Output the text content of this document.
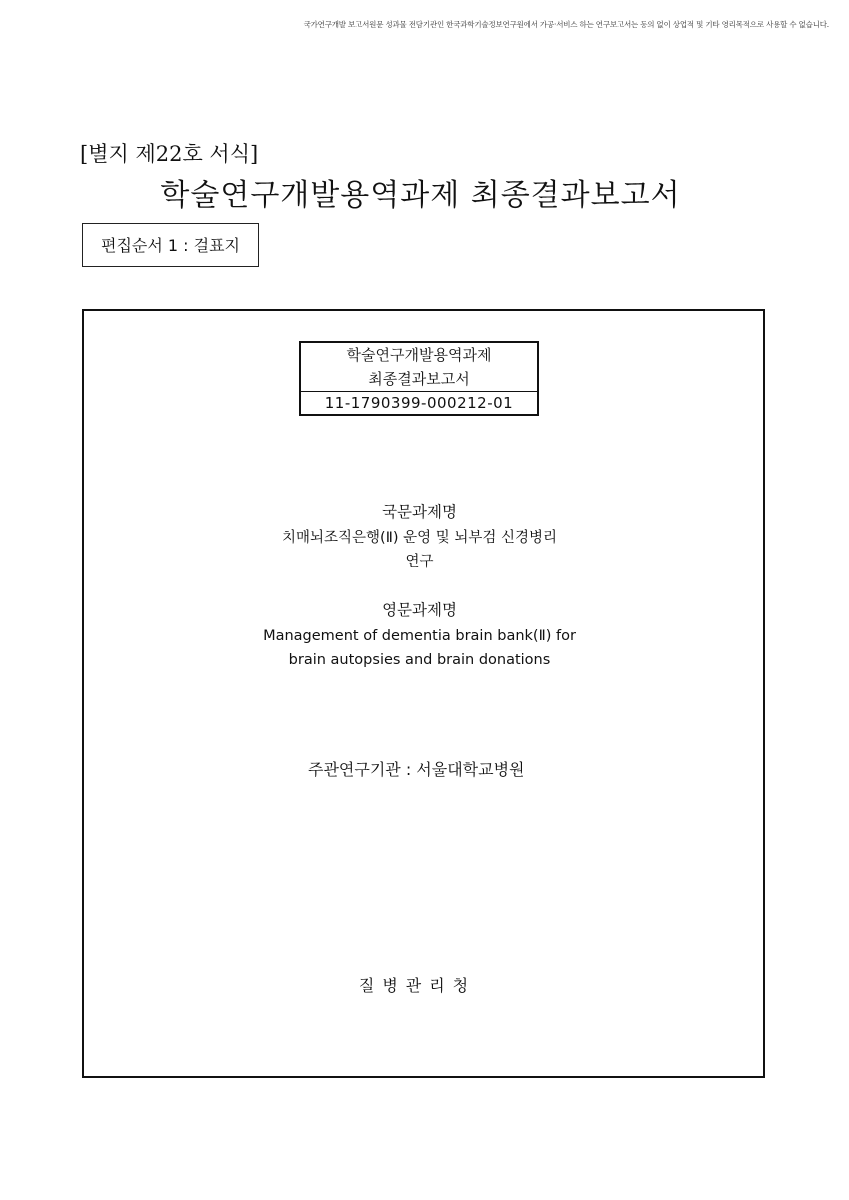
국가연구개발 보고서원문 성과물 전담기관인 한국과학기술정보연구원에서 가공·서비스 하는 연구보고서는 동의 없이 상업적 및 기타 영리목적으로 사용할 수 없습니다.
[별지 제22호 서식]
학술연구개발용역과제 최종결과보고서
편집순서 1 : 걸표지
학술연구개발용역과제
최종결과보고서
11-1790399-000212-01
국문과제명
치매뇌조직은행(Ⅱ) 운영 및 뇌부검 신경병리
연구
영문과제명
Management of dementia brain bank(Ⅱ) for
brain autopsies and brain donations
주관연구기관 : 서울대학교병원
질병관리청
